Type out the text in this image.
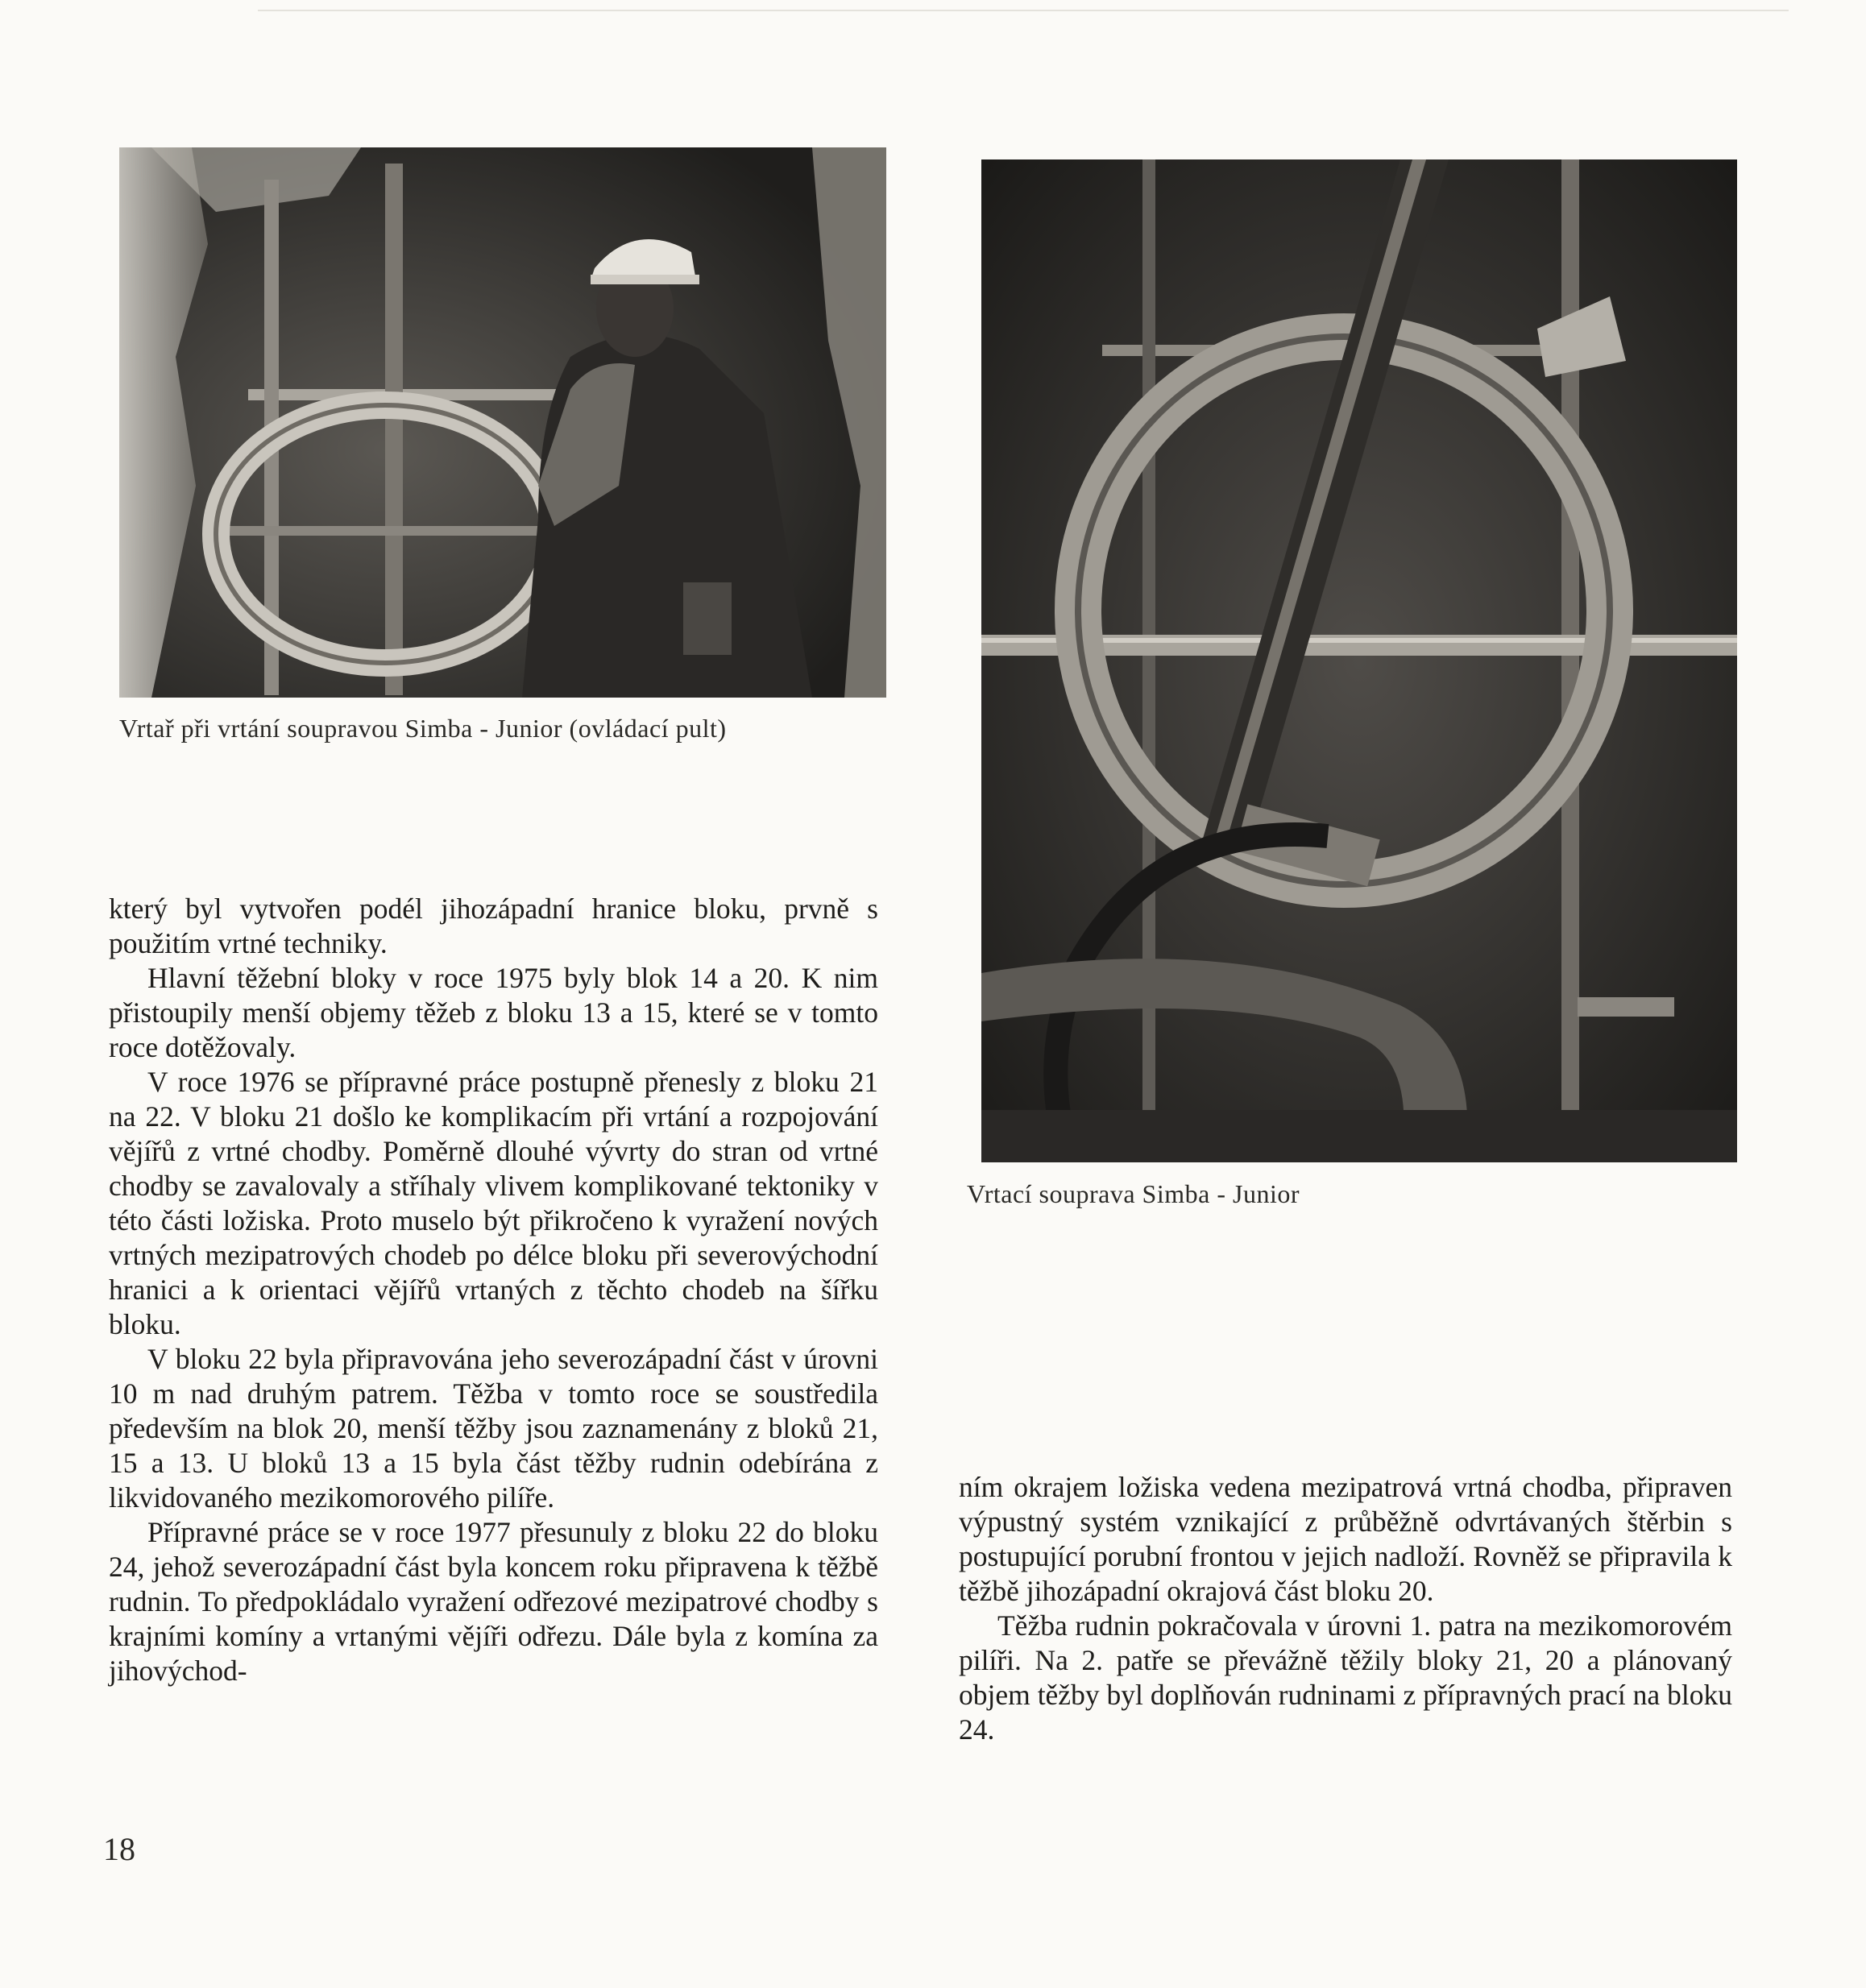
Vrtař při vrtání soupravou Simba - Junior (ovládací pult)
Vrtací souprava Simba - Junior

který byl vytvořen podél jihozápadní hranice bloku, prvně s použitím vrtné techniky.

Hlavní těžební bloky v roce 1975 byly blok 14 a 20. K nim přistoupily menší objemy těžeb z bloku 13 a 15, které se v tomto roce dotěžovaly.

V roce 1976 se přípravné práce postupně přenesly z bloku 21 na 22. V bloku 21 došlo ke komplikacím při vrtání a rozpojování vějířů z vrtné chodby. Poměrně dlouhé vývrty do stran od vrtné chodby se zavalovaly a stříhaly vlivem komplikované tektoniky v této části ložiska. Proto muselo být přikročeno k vyražení nových vrtných mezipatrových chodeb po délce bloku při severovýchodní hranici a k orientaci vějířů vrtaných z těchto chodeb na šířku bloku.

V bloku 22 byla připravována jeho severozápadní část v úrovni 10 m nad druhým patrem. Těžba v tomto roce se soustředila především na blok 20, menší těžby jsou zaznamenány z bloků 21, 15 a 13. U bloků 13 a 15 byla část těžby rudnin odebírána z likvidovaného mezikomorového pilíře.

Přípravné práce se v roce 1977 přesunuly z bloku 22 do bloku 24, jehož severozápadní část byla koncem roku připravena k těžbě rudnin. To předpokládalo vyražení odřezové mezipatrové chodby s krajními komíny a vrtanými vějíři odřezu. Dále byla z komína za jihovýchod-

ním okrajem ložiska vedena mezipatrová vrtná chodba, připraven výpustný systém vznikající z průběžně odvrtávaných štěrbin s postupující porubní frontou v jejich nadloží. Rovněž se připravila k těžbě jihozápadní okrajová část bloku 20.

Těžba rudnin pokračovala v úrovni 1. patra na mezikomorovém pilíři. Na 2. patře se převážně těžily bloky 21, 20 a plánovaný objem těžby byl doplňován rudninami z přípravných prací na bloku 24.

18
